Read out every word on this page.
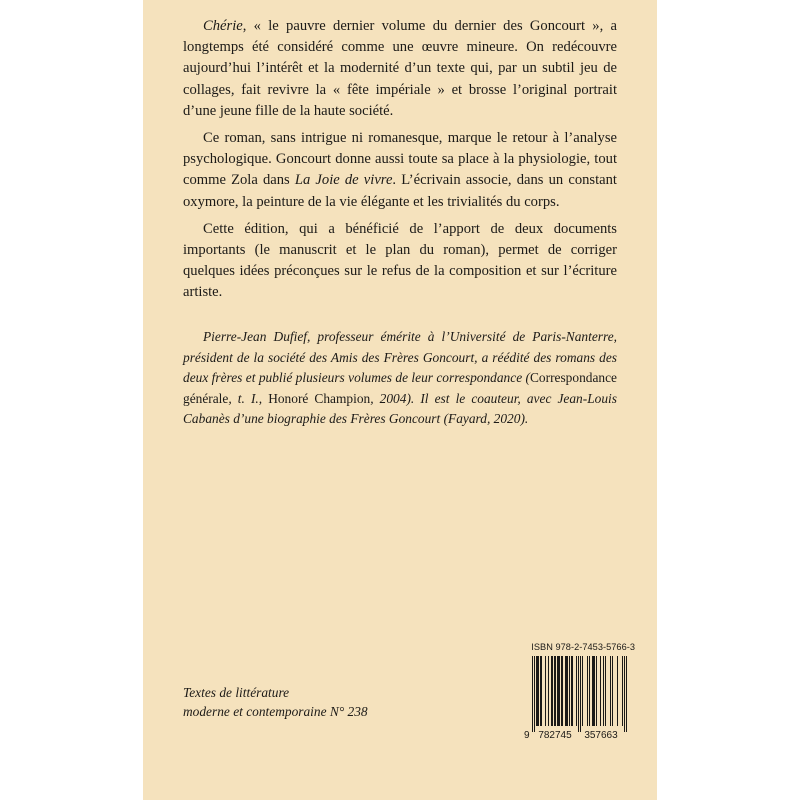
Chérie, « le pauvre dernier volume du dernier des Goncourt », a longtemps été considéré comme une œuvre mineure. On redécouvre aujourd’hui l’intérêt et la modernité d’un texte qui, par un subtil jeu de collages, fait revivre la « fête impériale » et brosse l’original portrait d’une jeune fille de la haute société.

Ce roman, sans intrigue ni romanesque, marque le retour à l’analyse psychologique. Goncourt donne aussi toute sa place à la physiologie, tout comme Zola dans La Joie de vivre. L’écrivain associe, dans un constant oxymore, la peinture de la vie élégante et les trivialités du corps.

Cette édition, qui a bénéficié de l’apport de deux documents importants (le manuscrit et le plan du roman), permet de corriger quelques idées préconçues sur le refus de la composition et sur l’écriture artiste.

Pierre-Jean Dufief, professeur émérite à l’Université de Paris-Nanterre, président de la société des Amis des Frères Goncourt, a réédité des romans des deux frères et publié plusieurs volumes de leur correspondance (Correspondance générale, t. I., Honoré Champion, 2004). Il est le coauteur, avec Jean-Louis Cabanès d’une biographie des Frères Goncourt (Fayard, 2020).

Textes de littérature
moderne et contemporaine N° 238
ISBN 978-2-7453-5766-3
9 782745 357663
